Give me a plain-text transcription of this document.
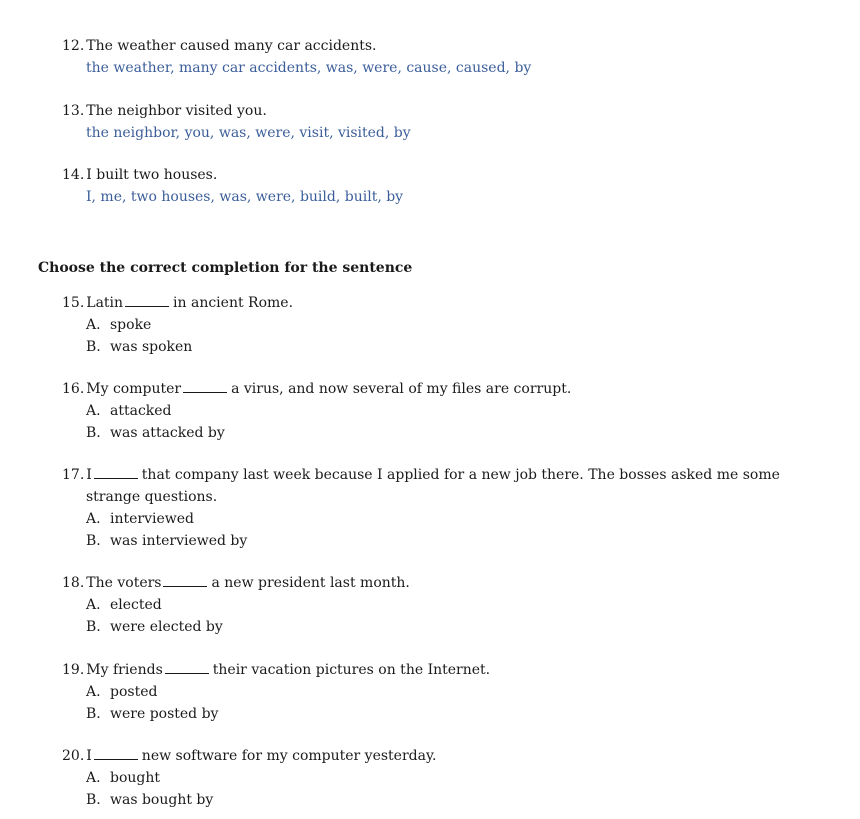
12. The weather caused many car accidents.
the weather, many car accidents, was, were, cause, caused, by
13. The neighbor visited you.
the neighbor, you, was, were, visit, visited, by
14. I built two houses.
I, me, two houses, was, were, build, built, by
Choose the correct completion for the sentence
15. Latin	in ancient Rome.
A. spoke
B. was spoken
16. My computer	a virus, and now several of my files are corrupt.
A. attacked
B. was attacked by
17. I	that company last week because I applied for a new job there. The bosses asked me some
strange questions.
A. interviewed
B. was interviewed by
18. The voters	a new president last month.
A. elected
B. were elected by
19. My friends	their vacation pictures on the Internet.
A. posted
B. were posted by
20. I	new software for my computer yesterday.
A. bought
B. was bought by
